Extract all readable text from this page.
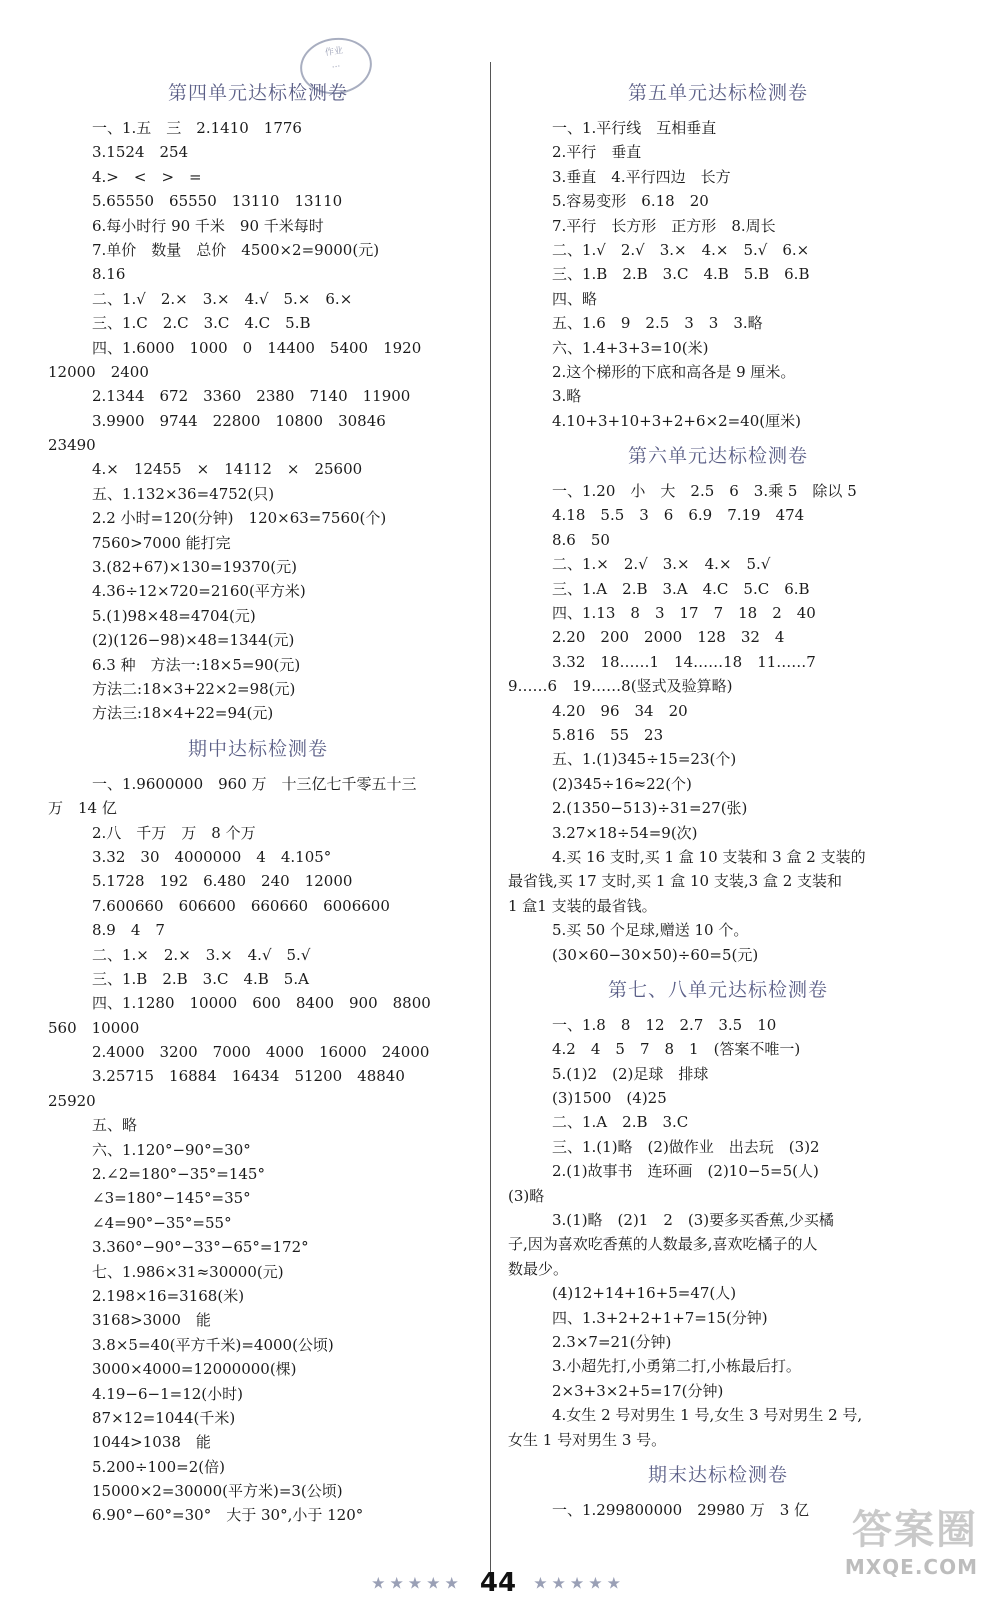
作业
...
第四单元达标检测卷
一、1.五　三　2.1410　1776
3.1524　254
4.>　<　>　=
5.65550　65550　13110　13110
6.每小时行 90 千米　90 千米每时
7.单价　数量　总价　4500×2=9000(元)
8.16
二、1.√　2.×　3.×　4.√　5.×　6.×
三、1.C　2.C　3.C　4.C　5.B
四、1.6000　1000　0　14400　5400　1920
12000　2400
2.1344　672　3360　2380　7140　11900
3.9900　9744　22800　10800　30846
23490
4.×　12455　×　14112　×　25600
五、1.132×36=4752(只)
2.2 小时=120(分钟)　120×63=7560(个)
7560>7000 能打完
3.(82+67)×130=19370(元)
4.36÷12×720=2160(平方米)
5.(1)98×48=4704(元)
(2)(126−98)×48=1344(元)
6.3 种　方法一:18×5=90(元)
方法二:18×3+22×2=98(元)
方法三:18×4+22=94(元)
期中达标检测卷
一、1.9600000　960 万　十三亿七千零五十三
万　14 亿
2.八　千万　万　8 个万
3.32　30　4000000　4　4.105°
5.1728　192　6.480　240　12000
7.600660　606600　660660　6006600
8.9　4　7
二、1.×　2.×　3.×　4.√　5.√
三、1.B　2.B　3.C　4.B　5.A
四、1.1280　10000　600　8400　900　8800
560　10000
2.4000　3200　7000　4000　16000　24000
3.25715　16884　16434　51200　48840
25920
五、略
六、1.120°−90°=30°
2.∠2=180°−35°=145°
∠3=180°−145°=35°
∠4=90°−35°=55°
3.360°−90°−33°−65°=172°
七、1.986×31≈30000(元)
2.198×16=3168(米)
3168>3000　能
3.8×5=40(平方千米)=4000(公顷)
3000×4000=12000000(棵)
4.19−6−1=12(小时)
87×12=1044(千米)
1044>1038　能
5.200÷100=2(倍)
15000×2=30000(平方米)=3(公顷)
6.90°−60°=30°　大于 30°,小于 120°
第五单元达标检测卷
一、1.平行线　互相垂直
2.平行　垂直
3.垂直　4.平行四边　长方
5.容易变形　6.18　20
7.平行　长方形　正方形　8.周长
二、1.√　2.√　3.×　4.×　5.√　6.×
三、1.B　2.B　3.C　4.B　5.B　6.B
四、略
五、1.6　9　2.5　3　3　3.略
六、1.4+3+3=10(米)
2.这个梯形的下底和高各是 9 厘米。
3.略
4.10+3+10+3+2+6×2=40(厘米)
第六单元达标检测卷
一、1.20　小　大　2.5　6　3.乘 5　除以 5
4.18　5.5　3　6　6.9　7.19　474
8.6　50
二、1.×　2.√　3.×　4.×　5.√
三、1.A　2.B　3.A　4.C　5.C　6.B
四、1.13　8　3　17　7　18　2　40
2.20　200　2000　128　32　4
3.32　18……1　14……18　11……7
9……6　19……8(竖式及验算略)
4.20　96　34　20
5.816　55　23
五、1.(1)345÷15=23(个)
(2)345÷16≈22(个)
2.(1350−513)÷31=27(张)
3.27×18÷54=9(次)
4.买 16 支时,买 1 盒 10 支装和 3 盒 2 支装的
最省钱,买 17 支时,买 1 盒 10 支装,3 盒 2 支装和
1 盒1 支装的最省钱。
5.买 50 个足球,赠送 10 个。
(30×60−30×50)÷60=5(元)
第七、八单元达标检测卷
一、1.8　8　12　2.7　3.5　10
4.2　4　5　7　8　1　(答案不唯一)
5.(1)2　(2)足球　排球
(3)1500　(4)25
二、1.A　2.B　3.C
三、1.(1)略　(2)做作业　出去玩　(3)2
2.(1)故事书　连环画　(2)10−5=5(人)
(3)略
3.(1)略　(2)1　2　(3)要多买香蕉,少买橘
子,因为喜欢吃香蕉的人数最多,喜欢吃橘子的人
数最少。
(4)12+14+16+5=47(人)
四、1.3+2+2+1+7=15(分钟)
2.3×7=21(分钟)
3.小超先打,小勇第二打,小栋最后打。
2×3+3×2+5=17(分钟)
4.女生 2 号对男生 1 号,女生 3 号对男生 2 号,
女生 1 号对男生 3 号。
期末达标检测卷
一、1.299800000　29980 万　3 亿
★★★★★ 44 ★★★★★
答案圈
MXQE.COM
